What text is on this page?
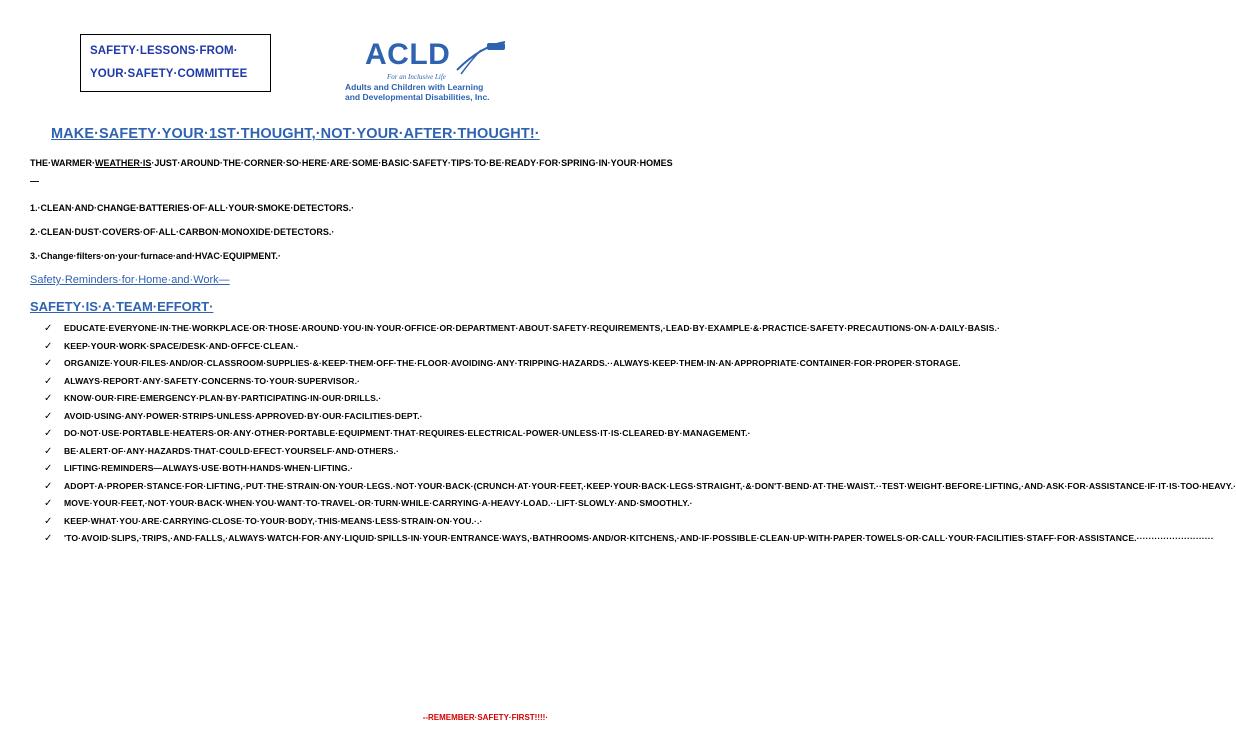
SAFETY·LESSONS·FROM·
YOUR·SAFETY·COMMITTEE
ACLD
For an Inclusive Life
Adults and Children with Learning
and Developmental Disabilities, Inc.
MAKE·SAFETY·YOUR·1ST·THOUGHT,·NOT·YOUR·AFTER·THOUGHT!·
THE·WARMER·WEATHER·IS·JUST·AROUND·THE·CORNER·SO·HERE·ARE·SOME·BASIC·SAFETY·TIPS·TO·BE·READY·FOR·SPRING·IN·YOUR·HOMES—
1.·CLEAN·AND·CHANGE·BATTERIES·OF·ALL·YOUR·SMOKE·DETECTORS.·
2.·CLEAN·DUST·COVERS·OF·ALL·CARBON·MONOXIDE·DETECTORS.·
3.·Change·filters·on·your·furnace·and·HVAC·EQUIPMENT.·
Safety·Reminders·for·Home·and·Work—
SAFETY·IS·A·TEAM·EFFORT·
✓ EDUCATE·EVERYONE·IN·THE·WORKPLACE·OR·THOSE·AROUND·YOU·IN·YOUR·OFFICE·OR·DEPARTMENT·ABOUT·SAFETY·REQUIREMENTS,·LEAD·BY·EXAMPLE·&·PRACTICE·SAFETY·PRECAUTIONS·ON·A·DAILY·BASIS.·
✓ KEEP·YOUR·WORK·SPACE/DESK·AND·OFFCE·CLEAN.·
✓ ORGANIZE·YOUR·FILES·AND/OR·CLASSROOM·SUPPLIES·&·KEEP·THEM·OFF·THE·FLOOR·AVOIDING·ANY·TRIPPING·HAZARDS.··ALWAYS·KEEP·THEM·IN·AN·APPROPRIATE·CONTAINER·FOR·PROPER·STORAGE.
✓ ALWAYS·REPORT·ANY·SAFETY·CONCERNS·TO·YOUR·SUPERVISOR.·
✓ KNOW·OUR·FIRE·EMERGENCY·PLAN·BY·PARTICIPATING·IN·OUR·DRILLS.·
✓ AVOID·USING·ANY·POWER·STRIPS·UNLESS·APPROVED·BY·OUR·FACILITIES·DEPT.·
✓ DO·NOT·USE·PORTABLE·HEATERS·OR·ANY·OTHER·PORTABLE·EQUIPMENT·THAT·REQUIRES·ELECTRICAL·POWER·UNLESS·IT·IS·CLEARED·BY·MANAGEMENT.·
✓ BE·ALERT·OF·ANY·HAZARDS·THAT·COULD·EFECT·YOURSELF·AND·OTHERS.·
✓ LIFTING·REMINDERS—ALWAYS·USE·BOTH·HANDS·WHEN·LIFTING.·
✓ ADOPT·A·PROPER·STANCE·FOR·LIFTING,·PUT·THE·STRAIN·ON·YOUR·LEGS.·NOT·YOUR·BACK·(CRUNCH·AT·YOUR·FEET,·KEEP·YOUR·BACK·LEGS·STRAIGHT,·&·DON'T·BEND·AT·THE·WAIST.··TEST·WEIGHT·BEFORE·LIFTING,·AND·ASK·FOR·ASSISTANCE·IF·IT·IS·TOO·HEAVY.·
✓ MOVE·YOUR·FEET,·NOT·YOUR·BACK·WHEN·YOU·WANT·TO·TRAVEL·OR·TURN·WHILE·CARRYING·A·HEAVY·LOAD.··LIFT·SLOWLY·AND·SMOOTHLY.·
✓ KEEP·WHAT·YOU·ARE·CARRYING·CLOSE·TO·YOUR·BODY,·THIS·MEANS·LESS·STRAIN·ON·YOU.·.·
✓ 'TO·AVOID·SLIPS,·TRIPS,·AND·FALLS,·ALWAYS·WATCH·FOR·ANY·LIQUID·SPILLS·IN·YOUR·ENTRANCE·WAYS,·BATHROOMS·AND/OR·KITCHENS,·AND·IF·POSSIBLE·CLEAN·UP·WITH·PAPER·TOWELS·OR·CALL·YOUR·FACILITIES·STAFF·FOR·ASSISTANCE.··························
--REMEMBER·SAFETY·FIRST!!!!·
